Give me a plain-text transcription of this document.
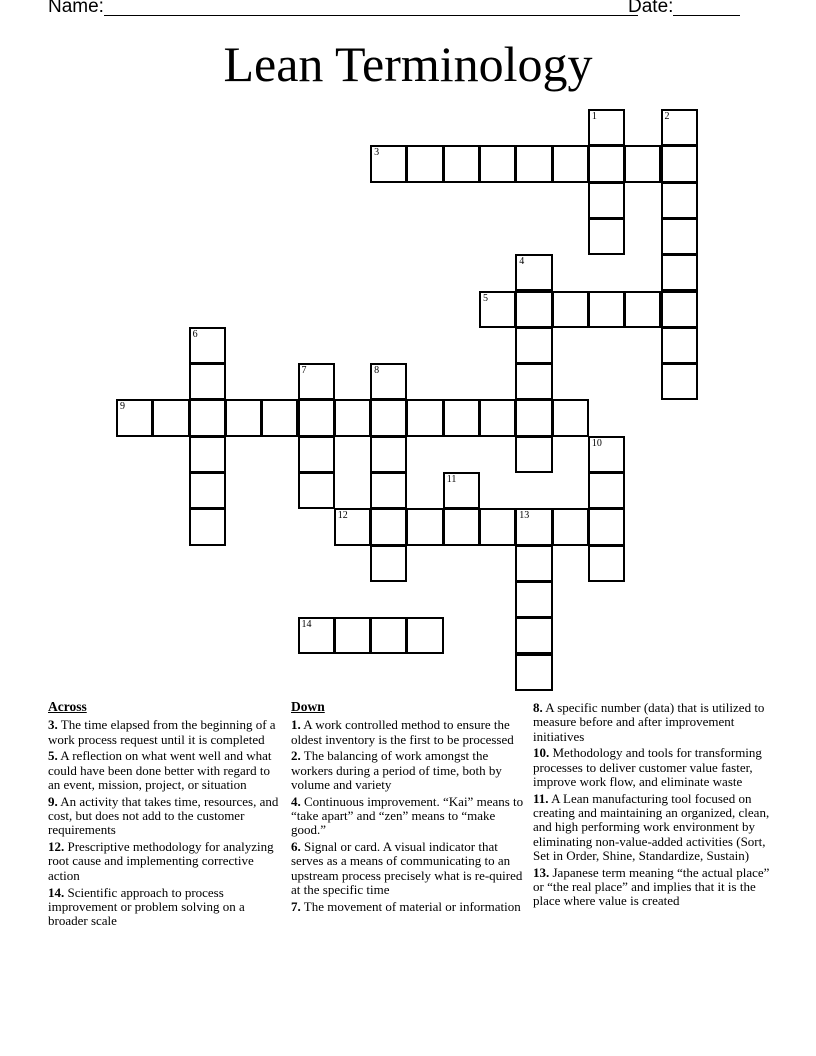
Name:	Date:
Lean Terminology
1	2
3
4
5
6
7	8
9
10
11
12	13
14
Across
3. The time elapsed from the beginning of a work process request until it is completed
5. A reflection on what went well and what could have been done better with regard to an event, mission, project, or situation
9. An activity that takes time, resources, and cost, but does not add to the customer requirements
12. Prescriptive methodology for analyzing root cause and implementing corrective action
14. Scientific approach to process improvement or problem solving on a broader scale
Down
1. A work controlled method to ensure the oldest inventory is the first to be processed
2. The balancing of work amongst the workers during a period of time, both by volume and variety
4. Continuous improvement. “Kai” means to “take apart” and “zen” means to “make good.”
6. Signal or card. A visual indicator that serves as a means of communicating to an upstream process precisely what is re-quired at the specific time
7. The movement of material or information
8. A specific number (data) that is utilized to measure before and after improvement initiatives
10. Methodology and tools for transforming processes to deliver customer value faster, improve work flow, and eliminate waste
11. A Lean manufacturing tool focused on creating and maintaining an organized, clean, and high performing work environment by eliminating non-value-added activities (Sort, Set in Order, Shine, Standardize, Sustain)
13. Japanese term meaning “the actual place” or “the real place” and implies that it is the place where value is created
